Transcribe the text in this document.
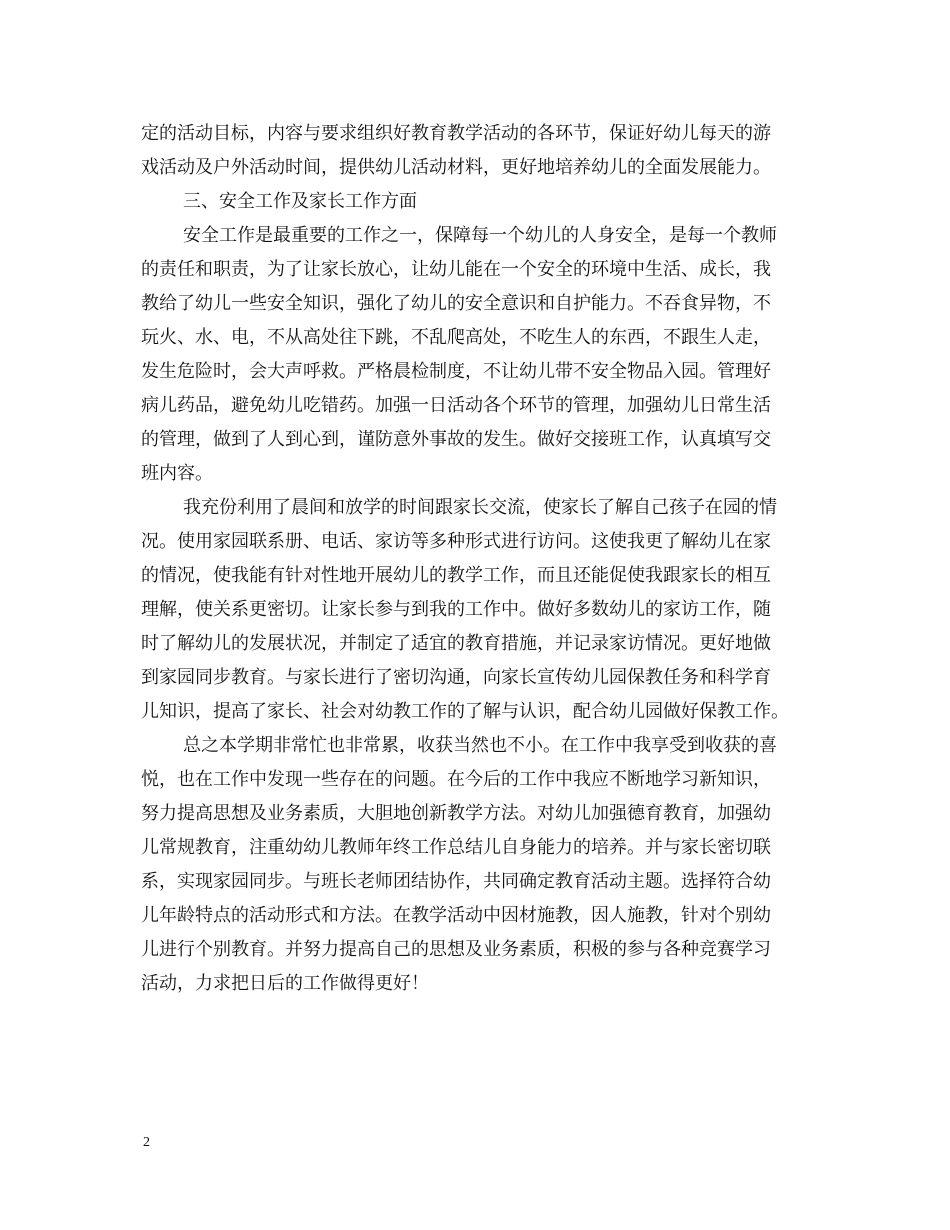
定的活动目标，内容与要求组织好教育教学活动的各环节，保证好幼儿每天的游
戏活动及户外活动时间，提供幼儿活动材料，更好地培养幼儿的全面发展能力。
三、安全工作及家长工作方面
安全工作是最重要的工作之一，保障每一个幼儿的人身安全，是每一个教师
的责任和职责，为了让家长放心，让幼儿能在一个安全的环境中生活、成长，我
教给了幼儿一些安全知识，强化了幼儿的安全意识和自护能力。不吞食异物，不
玩火、水、电，不从高处往下跳，不乱爬高处，不吃生人的东西，不跟生人走，
发生危险时，会大声呼救。严格晨检制度，不让幼儿带不安全物品入园。管理好
病儿药品，避免幼儿吃错药。加强一日活动各个环节的管理，加强幼儿日常生活
的管理，做到了人到心到，谨防意外事故的发生。做好交接班工作，认真填写交
班内容。
我充份利用了晨间和放学的时间跟家长交流，使家长了解自己孩子在园的情
况。使用家园联系册、电话、家访等多种形式进行访问。这使我更了解幼儿在家
的情况，使我能有针对性地开展幼儿的教学工作，而且还能促使我跟家长的相互
理解，使关系更密切。让家长参与到我的工作中。做好多数幼儿的家访工作，随
时了解幼儿的发展状况，并制定了适宜的教育措施，并记录家访情况。更好地做
到家园同步教育。与家长进行了密切沟通，向家长宣传幼儿园保教任务和科学育
儿知识，提高了家长、社会对幼教工作的了解与认识，配合幼儿园做好保教工作。
总之本学期非常忙也非常累，收获当然也不小。在工作中我享受到收获的喜
悦，也在工作中发现一些存在的问题。在今后的工作中我应不断地学习新知识，
努力提高思想及业务素质，大胆地创新教学方法。对幼儿加强德育教育，加强幼
儿常规教育，注重幼幼儿教师年终工作总结儿自身能力的培养。并与家长密切联
系，实现家园同步。与班长老师团结协作，共同确定教育活动主题。选择符合幼
儿年龄特点的活动形式和方法。在教学活动中因材施教，因人施教，针对个别幼
儿进行个别教育。并努力提高自己的思想及业务素质，积极的参与各种竞赛学习
活动，力求把日后的工作做得更好！
2
